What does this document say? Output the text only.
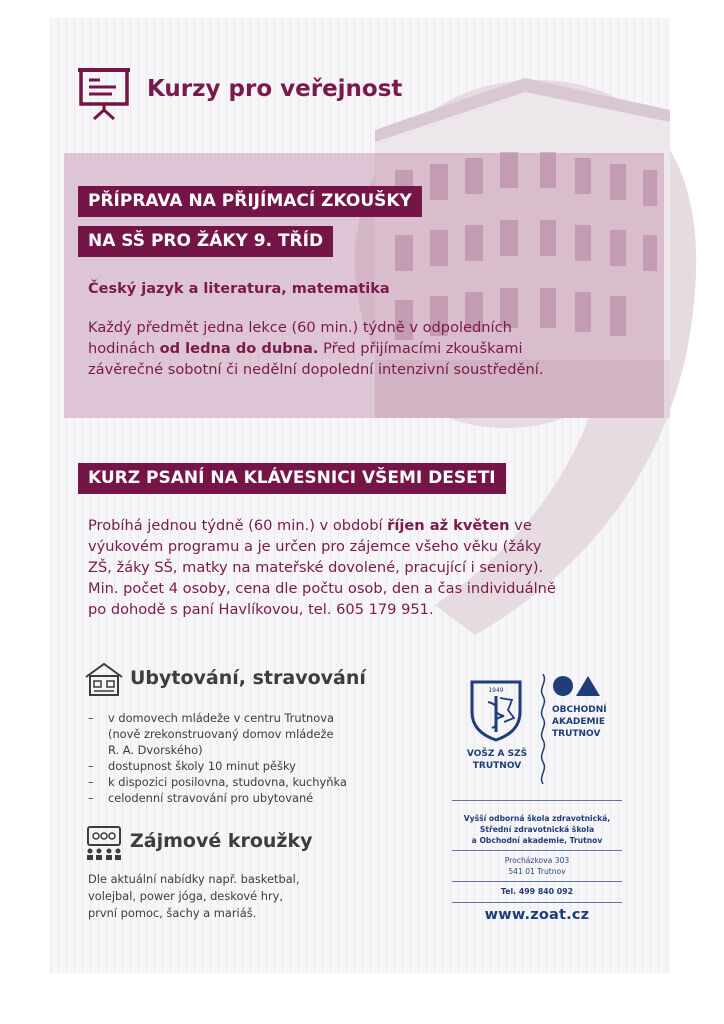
Kurzy pro veřejnost
PŘÍPRAVA NA PŘIJÍMACÍ ZKOUŠKY
NA SŠ PRO ŽÁKY 9. TŘÍD
Český jazyk a literatura, matematika
Každý předmět jedna lekce (60 min.) týdně v odpoledních
hodinách od ledna do dubna. Před přijímacími zkouškami
závěrečné sobotní či nedělní dopolední intenzivní soustředění.
KURZ PSANÍ NA KLÁVESNICI VŠEMI DESETI
Probíhá jednou týdně (60 min.) v období říjen až květen ve
výukovém programu a je určen pro zájemce všeho věku (žáky
ZŠ, žáky SŠ, matky na mateřské dovolené, pracující i seniory).
Min. počet 4 osoby, cena dle počtu osob, den a čas individuálně
po dohodě s paní Havlíkovou, tel. 605 179 951.
Ubytování, stravování
– v domovech mládeže v centru Trutnova
(nově zrekonstruovaný domov mládeže
R. A. Dvorského)
– dostupnost školy 10 minut pěšky
– k dispozici posilovna, studovna, kuchyňka
– celodenní stravování pro ubytované
Zájmové kroužky
Dle aktuální nabídky např. basketbal,
volejbal, power jóga, deskové hry,
první pomoc, šachy a mariáš.
1949
VOŠZ A SZŠ
TRUTNOV
OBCHODNÍ
AKADEMIE
TRUTNOV
Vyšší odborná škola zdravotnická,
Střední zdravotnická škola
a Obchodní akademie, Trutnov
Procházkova 303
541 01 Trutnov
Tel. 499 840 092
www.zoat.cz
